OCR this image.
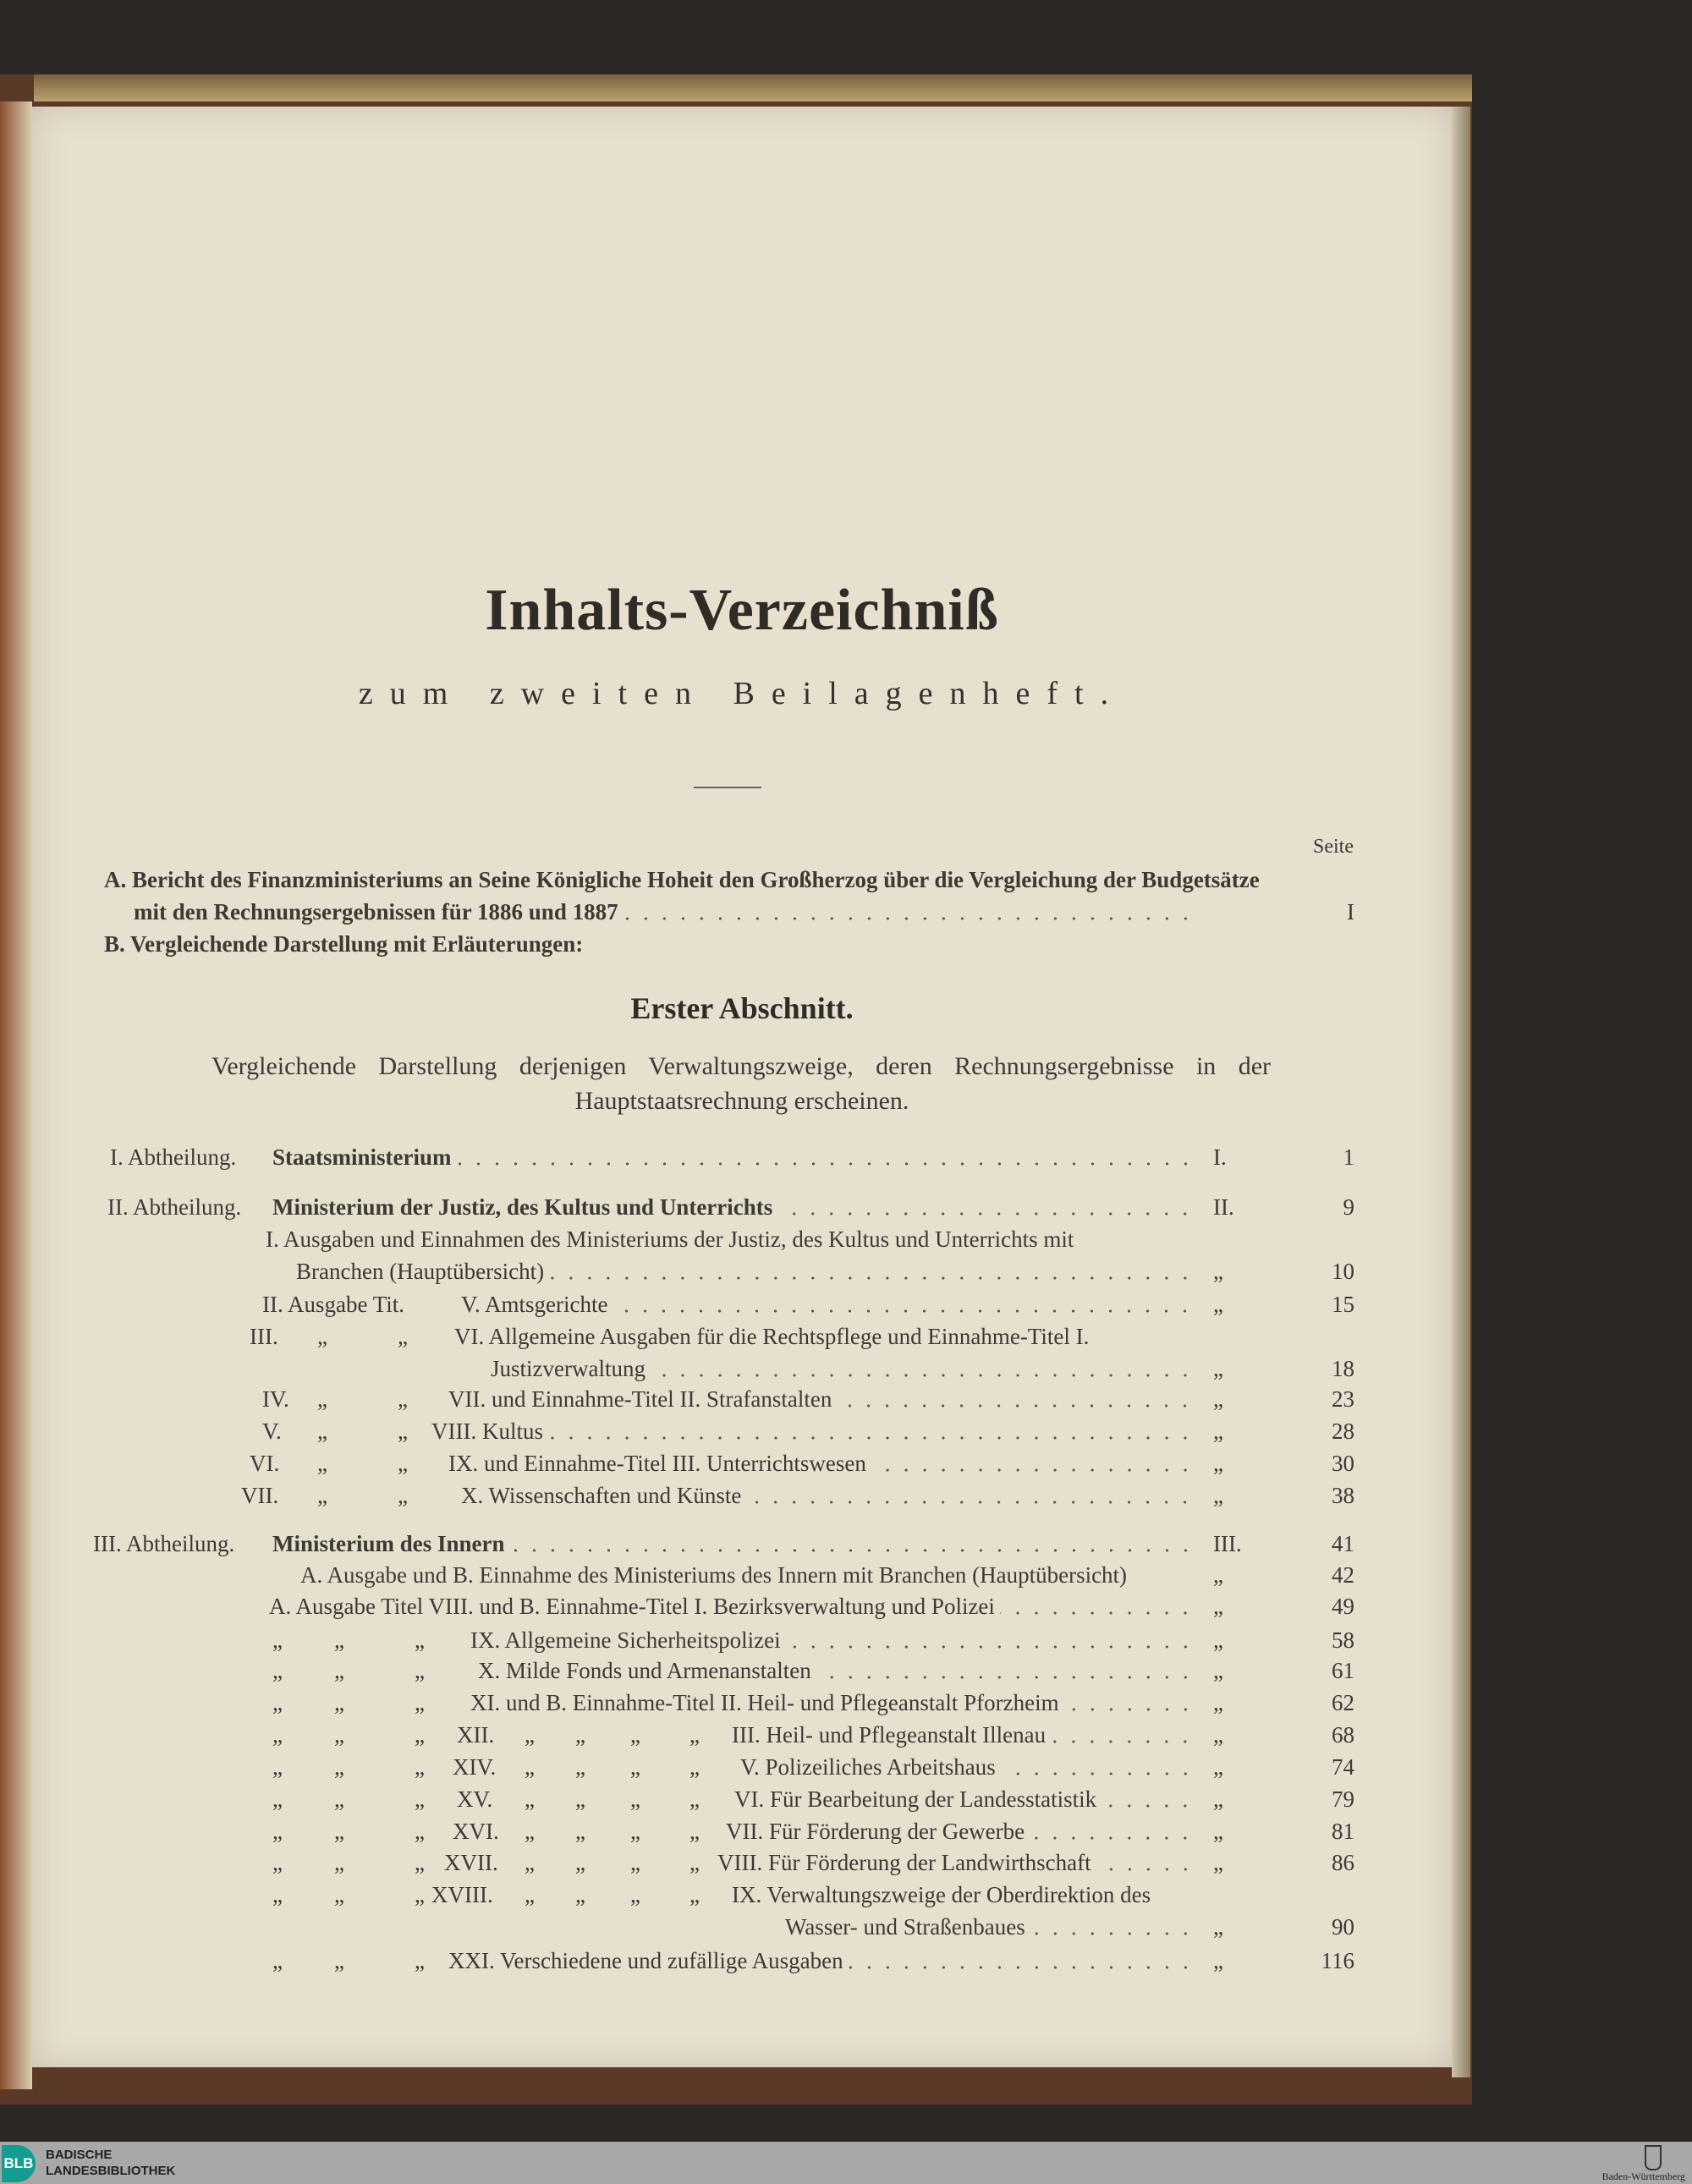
Inhalts-Verzeichniß
zum zweiten Beilagenheft.
Seite
Erster Abschnitt.
Vergleichende Darstellung derjenigen Verwaltungszweige, deren Rechnungsergebnisse in der
Hauptstaatsrechnung erscheinen.
A. Bericht des Finanzministeriums an Seine Königliche Hoheit den Großherzog über die Vergleichung der Budgetsätze
mit den Rechnungsergebnissen für 1886 und 1887	I
B. Vergleichende Darstellung mit Erläuterungen:
I. Abtheilung. Staatsministerium	I.	1
II. Abtheilung. Ministerium der Justiz, des Kultus und Unterrichts	II.	9
I. Ausgaben und Einnahmen des Ministeriums der Justiz, des Kultus und Unterrichts mit
Branchen (Hauptübersicht)	„	10
II. Ausgabe Tit. V. Amtsgerichte	„	15
III. „	„ VI. Allgemeine Ausgaben für die Rechtspflege und Einnahme-Titel I.
Justizverwaltung	„	18
IV. „	„ VII. und Einnahme-Titel II. Strafanstalten	„	23
V. „	„ VIII. Kultus	„	28
VI. „	„ IX. und Einnahme-Titel III. Unterrichtswesen	„	30
VII. „	„ X. Wissenschaften und Künste	„	38
III. Abtheilung. Ministerium des Innern	III.	41
A. Ausgabe und B. Einnahme des Ministeriums des Innern mit Branchen (Hauptübersicht)	„	42
A. Ausgabe Titel VIII. und B. Einnahme-Titel I. Bezirksverwaltung und Polizei	„	49
„ „	„ IX. Allgemeine Sicherheitspolizei	„	58
„ „	„ X. Milde Fonds und Armenanstalten	„	61
„ „	„ XI. und B. Einnahme-Titel II. Heil- und Pflegeanstalt Pforzheim	„	62
„ „	„ XII. „ „ „ „ III. Heil- und Pflegeanstalt Illenau	„	68
„ „	„ XIV. „ „ „ „ V. Polizeiliches Arbeitshaus	„	74
„ „	„ XV. „ „ „ „ VI. Für Bearbeitung der Landesstatistik	„	79
„ „	„ XVI. „ „ „ „ VII. Für Förderung der Gewerbe	„	81
„ „	„ XVII. „ „ „ „ VIII. Für Förderung der Landwirthschaft	„	86
„ „	„ XVIII. „ „ „ „ IX. Verwaltungszweige der Oberdirektion des
Wasser- und Straßenbaues	„	90
„ „	„ XXI. Verschiedene und zufällige Ausgaben	„	116
BLB
BADISCHE
LANDESBIBLIOTHEK	Baden-Württemberg
